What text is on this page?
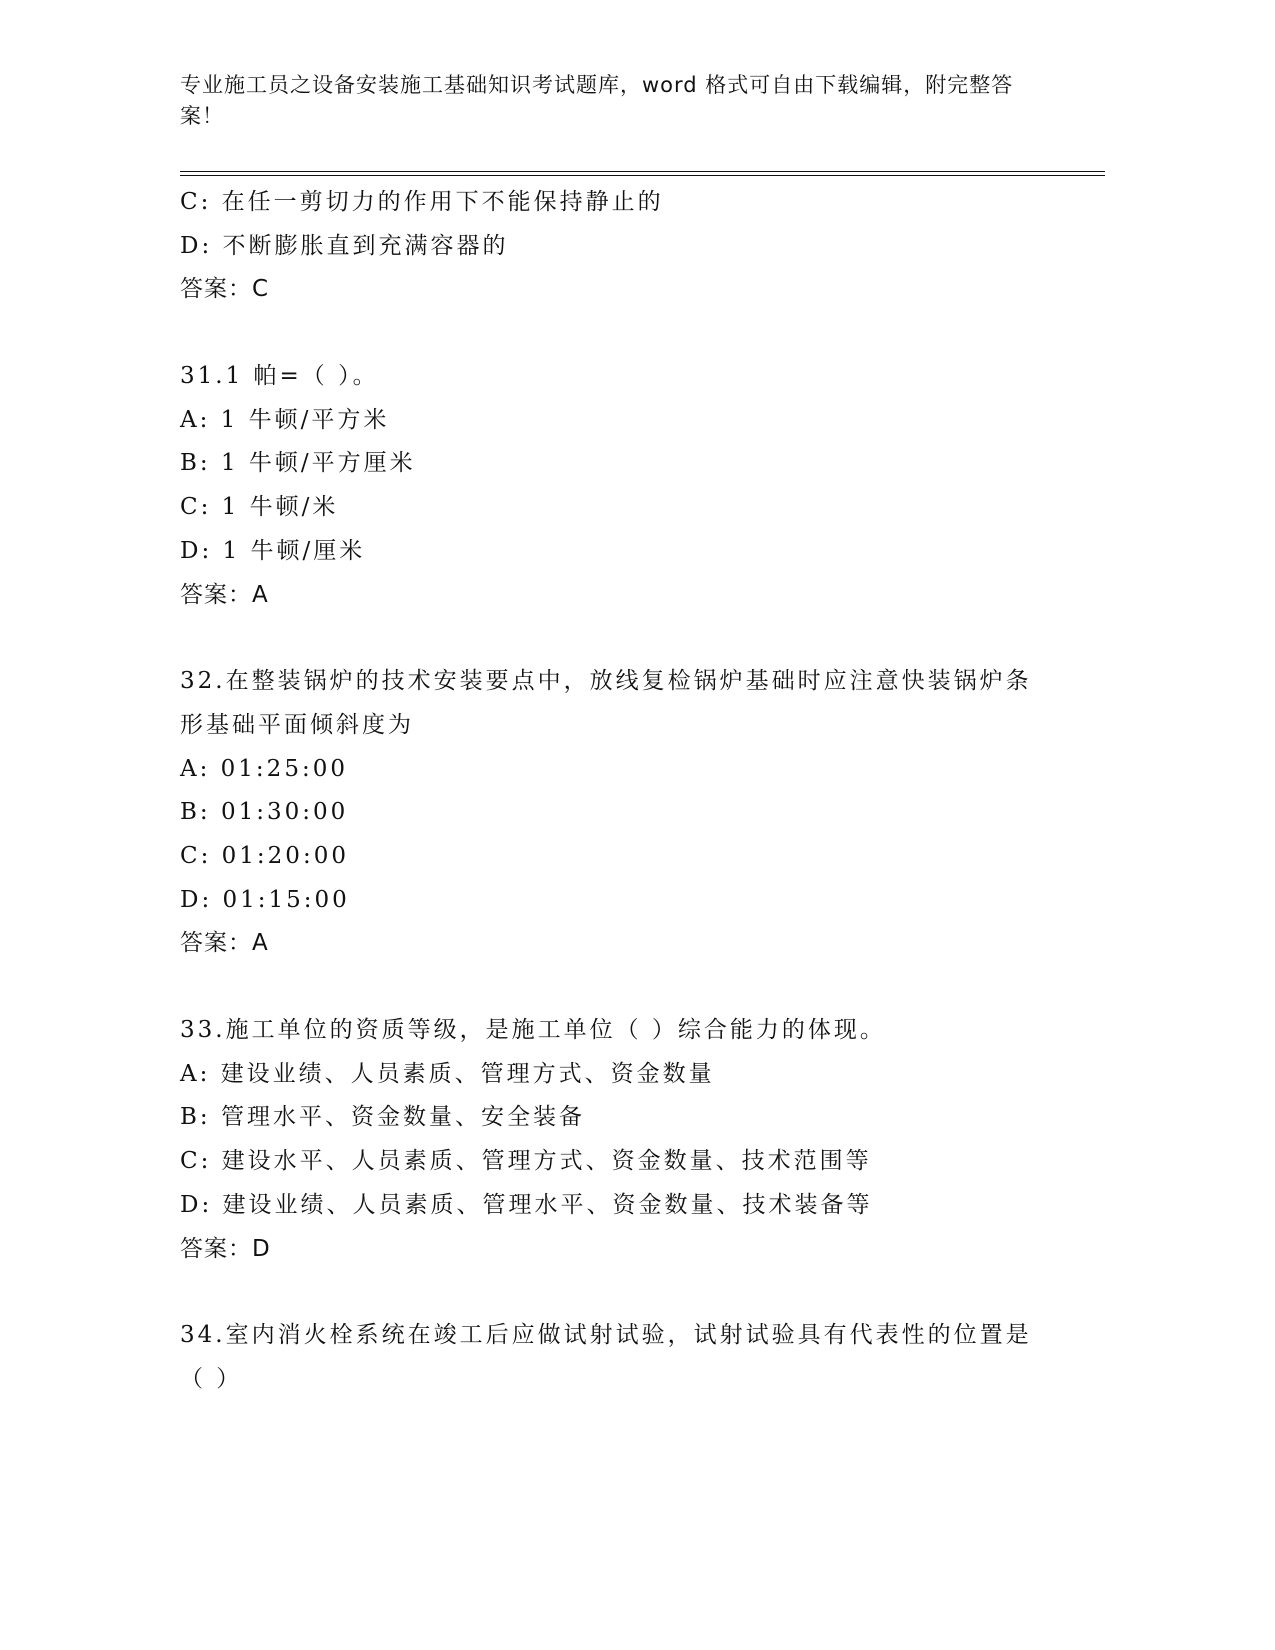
专业施工员之设备安装施工基础知识考试题库，word 格式可自由下载编辑，附完整答案！

C: 在任一剪切力的作用下不能保持静止的
D: 不断膨胀直到充满容器的
答案：C
31.1 帕=（ ）。
A: 1 牛顿/平方米
B: 1 牛顿/平方厘米
C: 1 牛顿/米
D: 1 牛顿/厘米
答案：A
32.在整装锅炉的技术安装要点中，放线复检锅炉基础时应注意快装锅炉条形基础平面倾斜度为
A: 01:25:00
B: 01:30:00
C: 01:20:00
D: 01:15:00
答案：A
33.施工单位的资质等级，是施工单位（ ）综合能力的体现。
A: 建设业绩、人员素质、管理方式、资金数量
B: 管理水平、资金数量、安全装备
C: 建设水平、人员素质、管理方式、资金数量、技术范围等
D: 建设业绩、人员素质、管理水平、资金数量、技术装备等
答案：D
34.室内消火栓系统在竣工后应做试射试验，试射试验具有代表性的位置是（ ）
